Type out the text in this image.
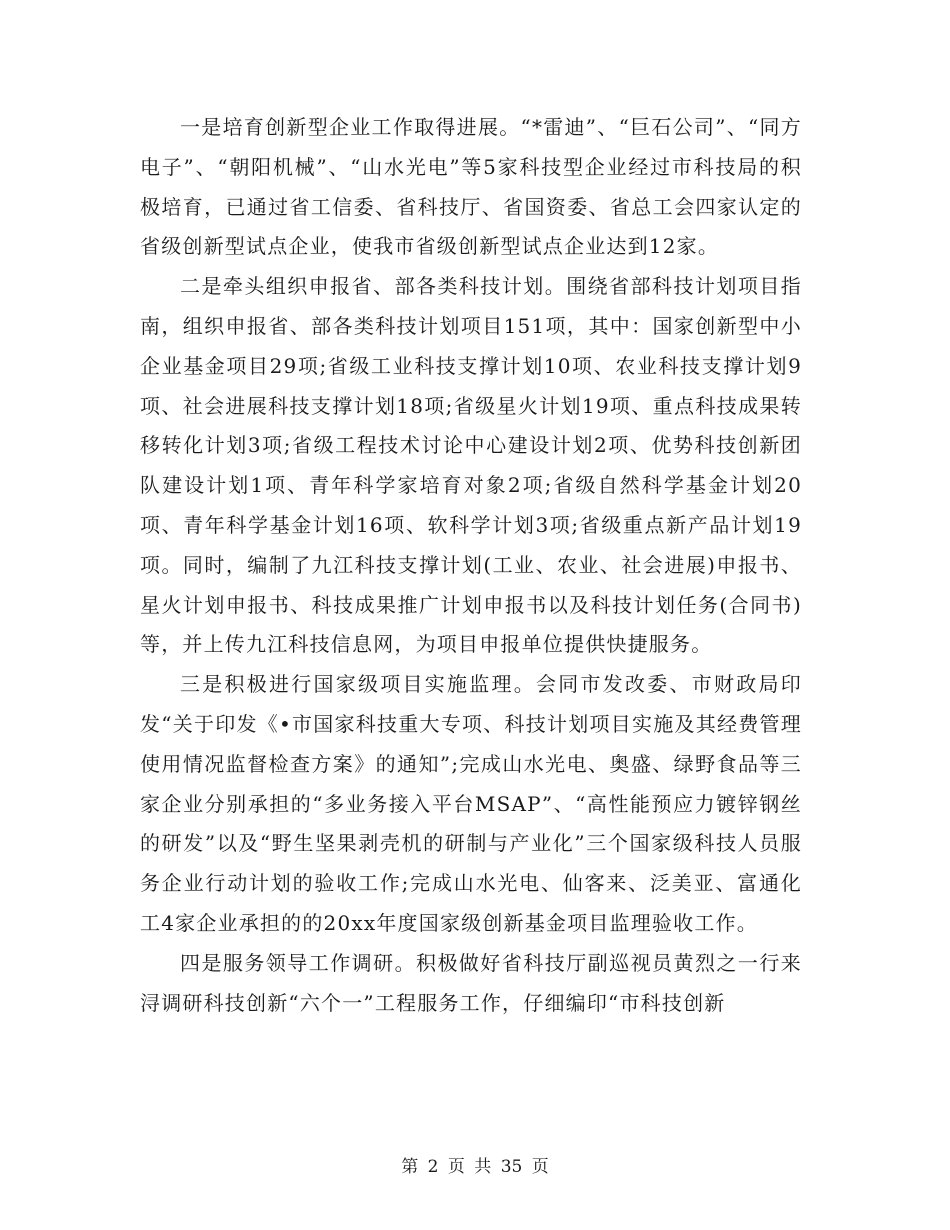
一是培育创新型企业工作取得进展。“*雷迪”、“巨石公司”、“同方电子”、“朝阳机械”、“山水光电”等5家科技型企业经过市科技局的积极培育，已通过省工信委、省科技厅、省国资委、省总工会四家认定的省级创新型试点企业，使我市省级创新型试点企业达到12家。

二是牵头组织申报省、部各类科技计划。围绕省部科技计划项目指南，组织申报省、部各类科技计划项目151项，其中：国家创新型中小企业基金项目29项;省级工业科技支撑计划10项、农业科技支撑计划9项、社会进展科技支撑计划18项;省级星火计划19项、重点科技成果转移转化计划3项;省级工程技术讨论中心建设计划2项、优势科技创新团队建设计划1项、青年科学家培育对象2项;省级自然科学基金计划20项、青年科学基金计划16项、软科学计划3项;省级重点新产品计划19项。同时，编制了九江科技支撑计划(工业、农业、社会进展)申报书、星火计划申报书、科技成果推广计划申报书以及科技计划任务(合同书)等，并上传九江科技信息网，为项目申报单位提供快捷服务。

三是积极进行国家级项目实施监理。会同市发改委、市财政局印发“关于印发《•市国家科技重大专项、科技计划项目实施及其经费管理使用情况监督检查方案》的通知”;完成山水光电、奥盛、绿野食品等三家企业分别承担的“多业务接入平台MSAP”、“高性能预应力镀锌钢丝的研发”以及“野生坚果剥壳机的研制与产业化”三个国家级科技人员服务企业行动计划的验收工作;完成山水光电、仙客来、泛美亚、富通化工4家企业承担的的20xx年度国家级创新基金项目监理验收工作。

四是服务领导工作调研。积极做好省科技厅副巡视员黄烈之一行来浔调研科技创新“六个一”工程服务工作，仔细编印“市科技创新

第 2 页 共 35 页
